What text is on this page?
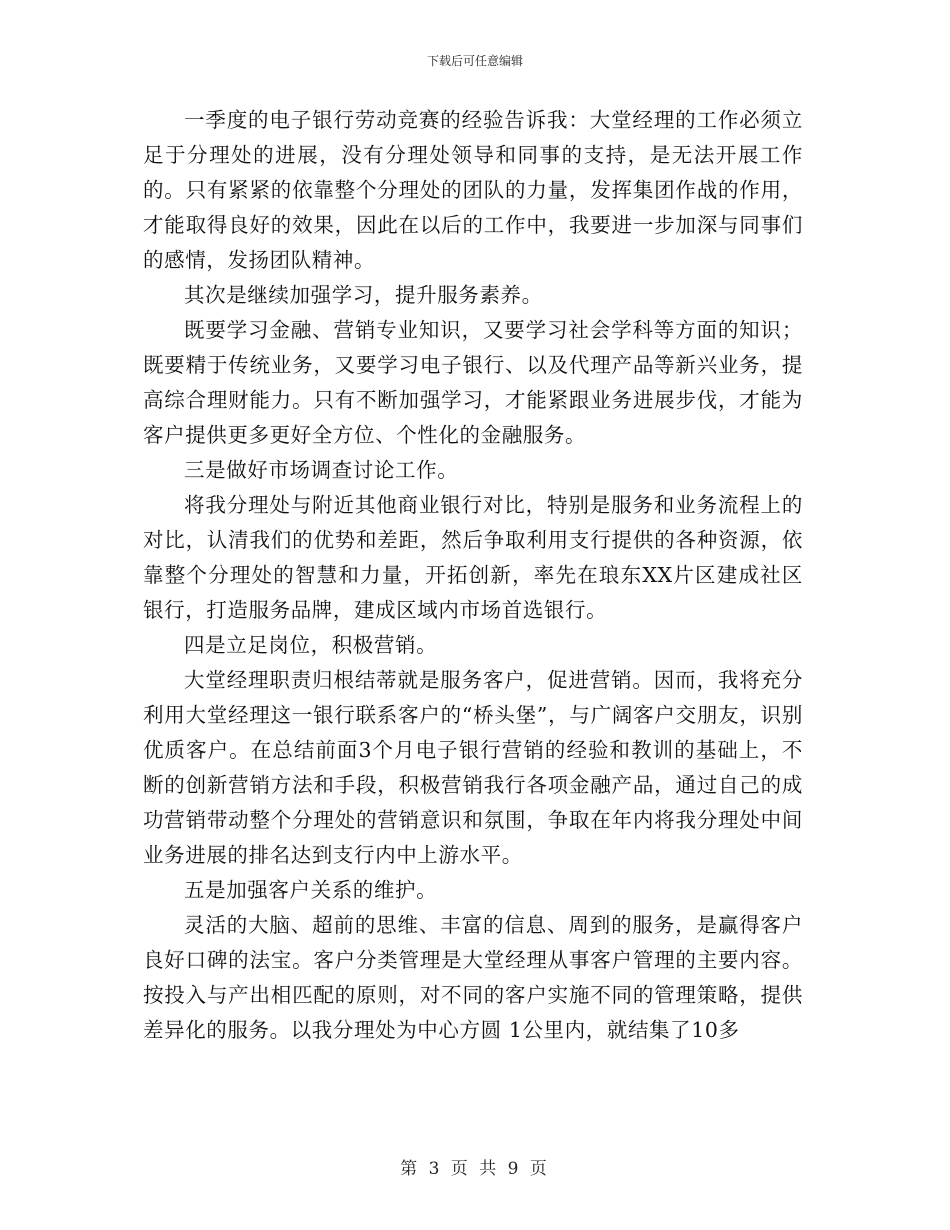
下载后可任意编辑

一季度的电子银行劳动竞赛的经验告诉我：大堂经理的工作必须立足于分理处的进展，没有分理处领导和同事的支持，是无法开展工作的。只有紧紧的依靠整个分理处的团队的力量，发挥集团作战的作用，才能取得良好的效果，因此在以后的工作中，我要进一步加深与同事们的感情，发扬团队精神。

其次是继续加强学习，提升服务素养。

既要学习金融、营销专业知识，又要学习社会学科等方面的知识；既要精于传统业务，又要学习电子银行、以及代理产品等新兴业务，提高综合理财能力。只有不断加强学习，才能紧跟业务进展步伐，才能为客户提供更多更好全方位、个性化的金融服务。

三是做好市场调查讨论工作。

将我分理处与附近其他商业银行对比，特别是服务和业务流程上的对比，认清我们的优势和差距，然后争取利用支行提供的各种资源，依靠整个分理处的智慧和力量，开拓创新，率先在琅东XX片区建成社区银行，打造服务品牌，建成区域内市场首选银行。

四是立足岗位，积极营销。

大堂经理职责归根结蒂就是服务客户，促进营销。因而，我将充分利用大堂经理这一银行联系客户的“桥头堡”，与广阔客户交朋友，识别优质客户。在总结前面3个月电子银行营销的经验和教训的基础上，不断的创新营销方法和手段，积极营销我行各项金融产品，通过自己的成功营销带动整个分理处的营销意识和氛围，争取在年内将我分理处中间业务进展的排名达到支行内中上游水平。

五是加强客户关系的维护。

灵活的大脑、超前的思维、丰富的信息、周到的服务，是赢得客户良好口碑的法宝。客户分类管理是大堂经理从事客户管理的主要内容。按投入与产出相匹配的原则，对不同的客户实施不同的管理策略，提供差异化的服务。以我分理处为中心方圆 1公里内，就结集了10多

第 3 页 共 9 页
